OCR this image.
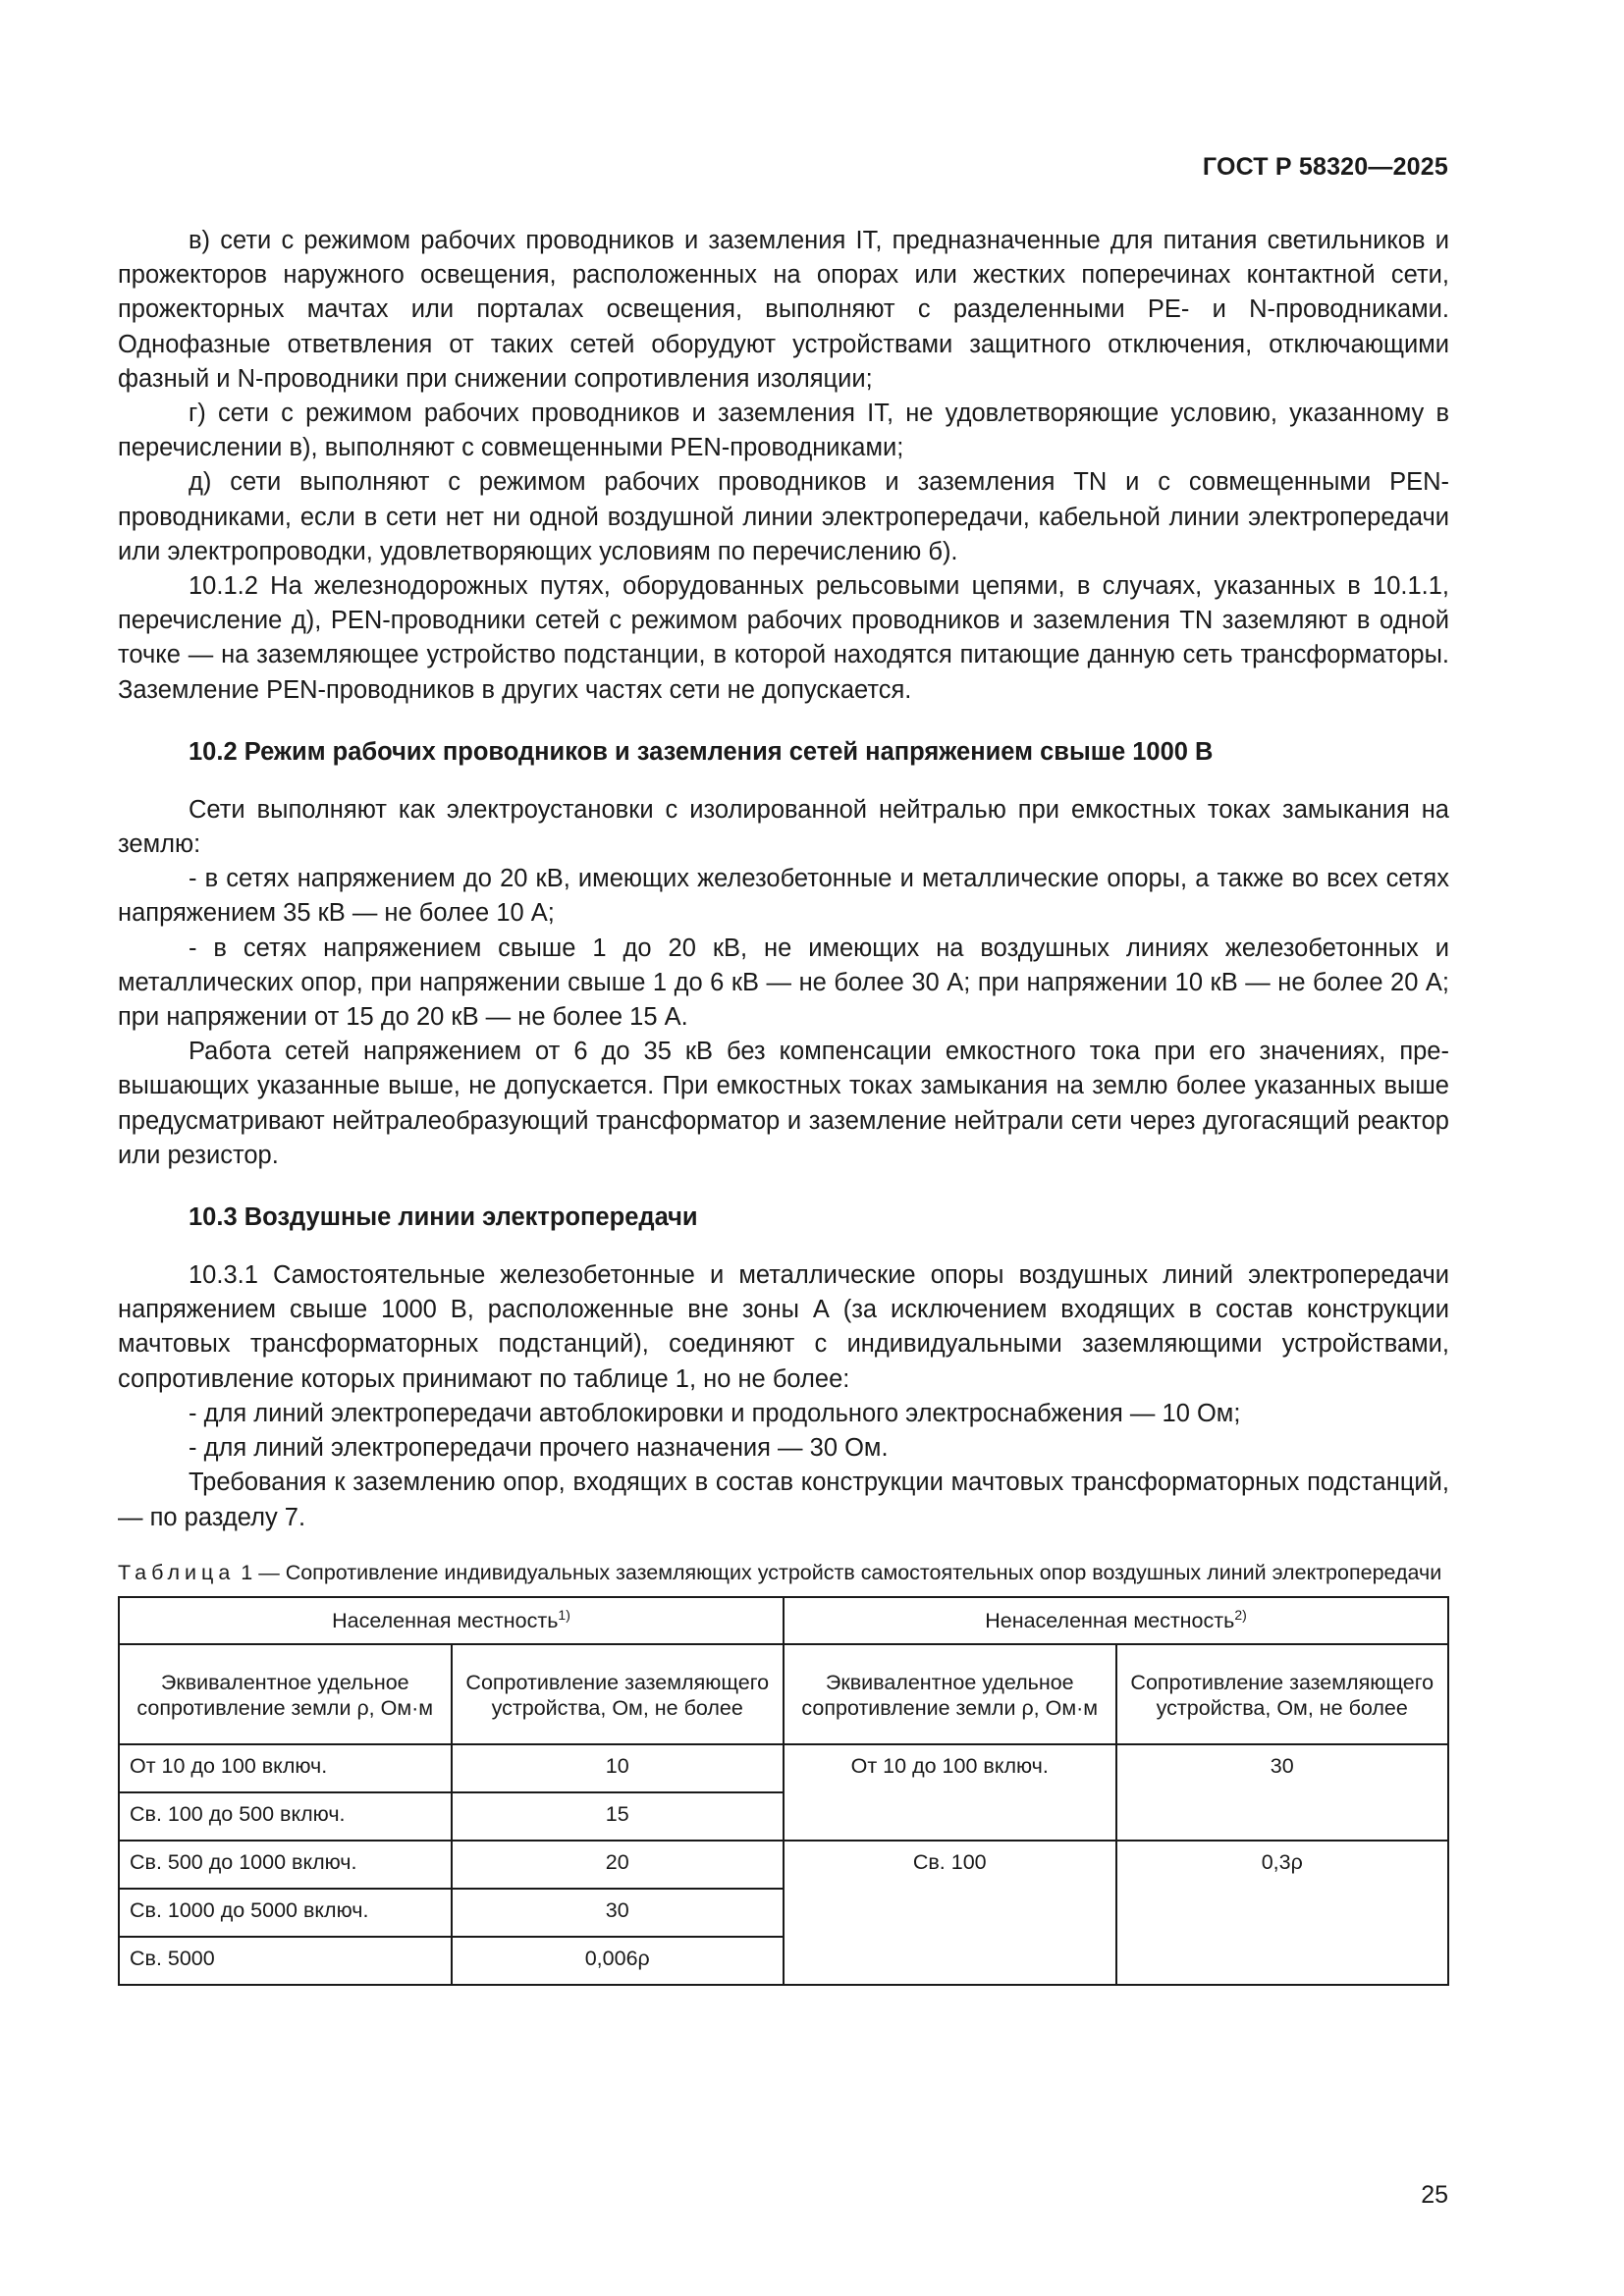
ГОСТ Р 58320—2025

в) сети с режимом рабочих проводников и заземления IT, предназначенные для питания светильников и прожекторов наружного освещения, расположенных на опорах или жестких поперечинах контактной сети, прожекторных мачтах или порталах освещения, выполняют с разделенными PE- и N-проводниками. Однофазные ответвления от таких сетей оборудуют устройствами защитного отключения, отключающими фазный и N-проводники при снижении сопротивления изоляции;

г) сети с режимом рабочих проводников и заземления IT, не удовлетворяющие условию, указанному в перечислении в), выполняют с совмещенными PEN-проводниками;

д) сети выполняют с режимом рабочих проводников и заземления TN и с совмещенными PEN-проводниками, если в сети нет ни одной воздушной линии электропередачи, кабельной линии электропередачи или электропроводки, удовлетворяющих условиям по перечислению б).

10.1.2 На железнодорожных путях, оборудованных рельсовыми цепями, в случаях, указанных в 10.1.1, перечисление д), PEN-проводники сетей с режимом рабочих проводников и заземления TN заземляют в одной точке — на заземляющее устройство подстанции, в которой находятся питающие данную сеть трансформаторы. Заземление PEN-проводников в других частях сети не допускается.

10.2 Режим рабочих проводников и заземления сетей напряжением свыше 1000 В

Сети выполняют как электроустановки с изолированной нейтралью при емкостных токах замыкания на землю:

- в сетях напряжением до 20 кВ, имеющих железобетонные и металлические опоры, а также во всех сетях напряжением 35 кВ — не более 10 А;

- в сетях напряжением свыше 1 до 20 кВ, не имеющих на воздушных линиях железобетонных и металлических опор, при напряжении свыше 1 до 6 кВ — не более 30 А; при напряжении 10 кВ — не более 20 А; при напряжении от 15 до 20 кВ — не более 15 А.

Работа сетей напряжением от 6 до 35 кВ без компенсации емкостного тока при его значениях, превышающих указанные выше, не допускается. При емкостных токах замыкания на землю более указанных выше предусматривают нейтралеобразующий трансформатор и заземление нейтрали сети через дугогасящий реактор или резистор.

10.3 Воздушные линии электропередачи

10.3.1 Самостоятельные железобетонные и металлические опоры воздушных линий электропередачи напряжением свыше 1000 В, расположенные вне зоны А (за исключением входящих в состав конструкции мачтовых трансформаторных подстанций), соединяют с индивидуальными заземляющими устройствами, сопротивление которых принимают по таблице 1, но не более:

- для линий электропередачи автоблокировки и продольного электроснабжения — 10 Ом;

- для линий электропередачи прочего назначения — 30 Ом.

Требования к заземлению опор, входящих в состав конструкции мачтовых трансформаторных подстанций, — по разделу 7.

Таблица 1 — Сопротивление индивидуальных заземляющих устройств самостоятельных опор воздушных линий электропередачи
Населенная местность$^{1)}$		Ненаселенная местность$^{2)}$
Эквивалентное удельное сопротивление земли ρ, Ом·м	Сопротивление заземляющего устройства, Ом, не более	Эквивалентное удельное сопротивление земли ρ, Ом·м	Сопротивление заземляющего устройства, Ом, не более
От 10 до 100 включ.	10	От 10 до 100 включ.	30
Св. 100 до 500 включ.	15		
Св. 500 до 1000 включ.	20	Св. 100	0,3ρ
Св. 1000 до 5000 включ.	30		
Св. 5000	0,006ρ		
25
